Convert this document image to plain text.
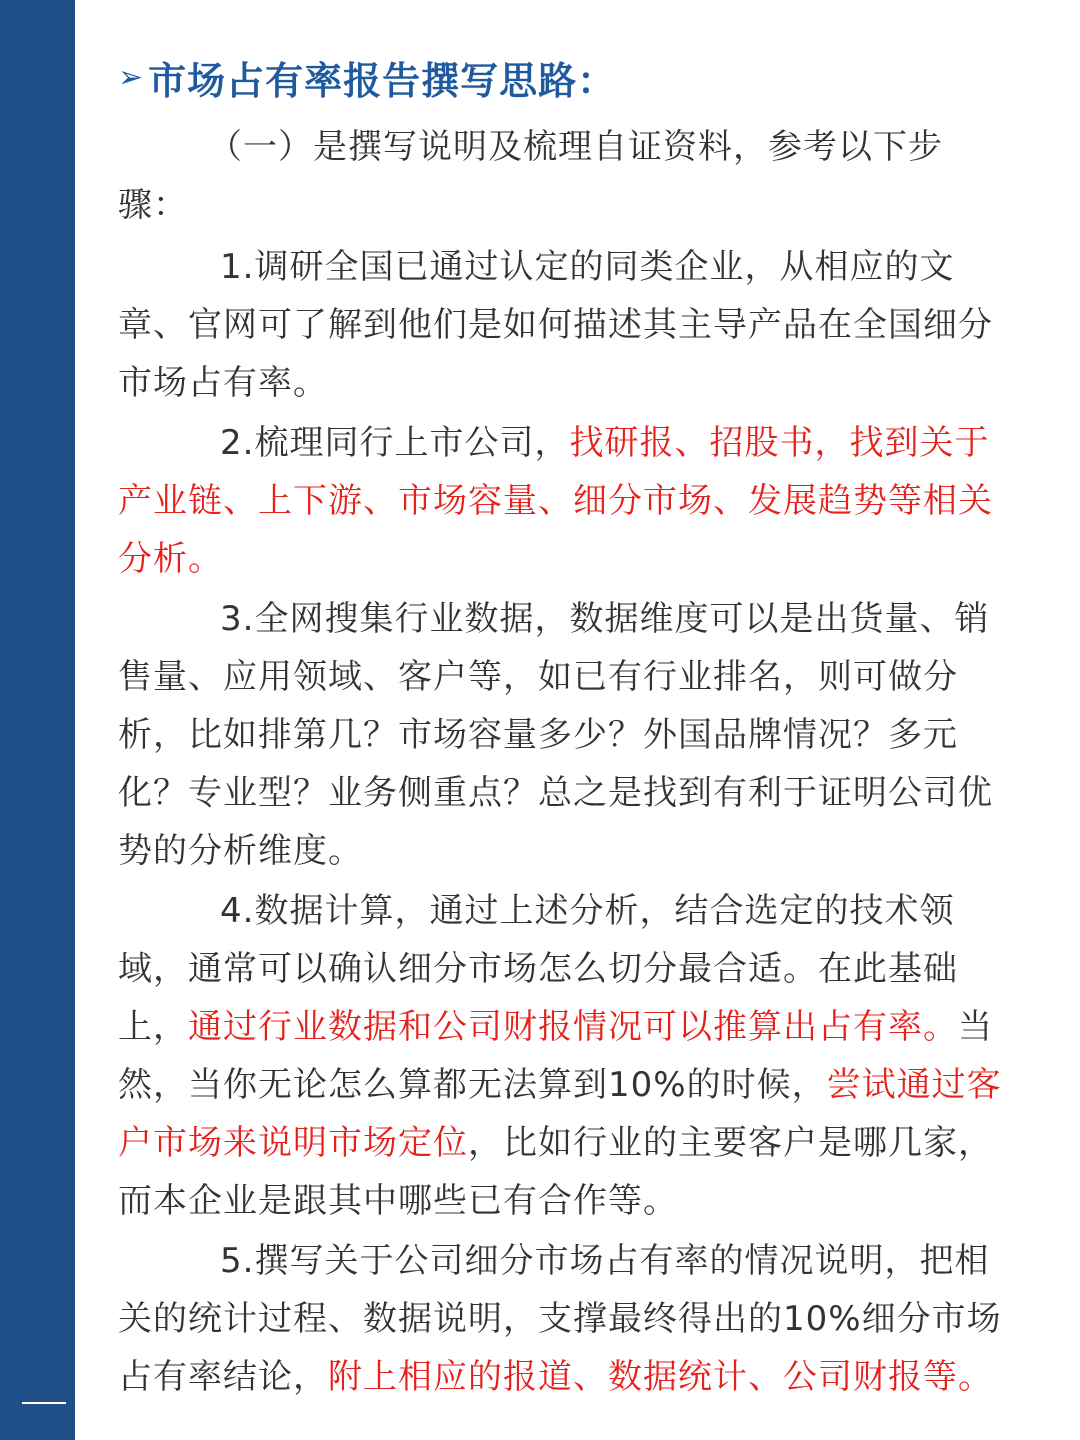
➢ 市场占有率报告撰写思路：

（一）是撰写说明及梳理自证资料，参考以下步骤：

1.调研全国已通过认定的同类企业，从相应的文章、官网可了解到他们是如何描述其主导产品在全国细分市场占有率。

2.梳理同行上市公司，找研报、招股书，找到关于产业链、上下游、市场容量、细分市场、发展趋势等相关分析。

3.全网搜集行业数据，数据维度可以是出货量、销售量、应用领域、客户等，如已有行业排名，则可做分析，比如排第几？市场容量多少？外国品牌情况？多元化？专业型？业务侧重点？总之是找到有利于证明公司优势的分析维度。

4.数据计算，通过上述分析，结合选定的技术领域，通常可以确认细分市场怎么切分最合适。在此基础上，通过行业数据和公司财报情况可以推算出占有率。当然，当你无论怎么算都无法算到10%的时候，尝试通过客户市场来说明市场定位，比如行业的主要客户是哪几家，而本企业是跟其中哪些已有合作等。

5.撰写关于公司细分市场占有率的情况说明，把相关的统计过程、数据说明，支撑最终得出的10%细分市场占有率结论，附上相应的报道、数据统计、公司财报等。
